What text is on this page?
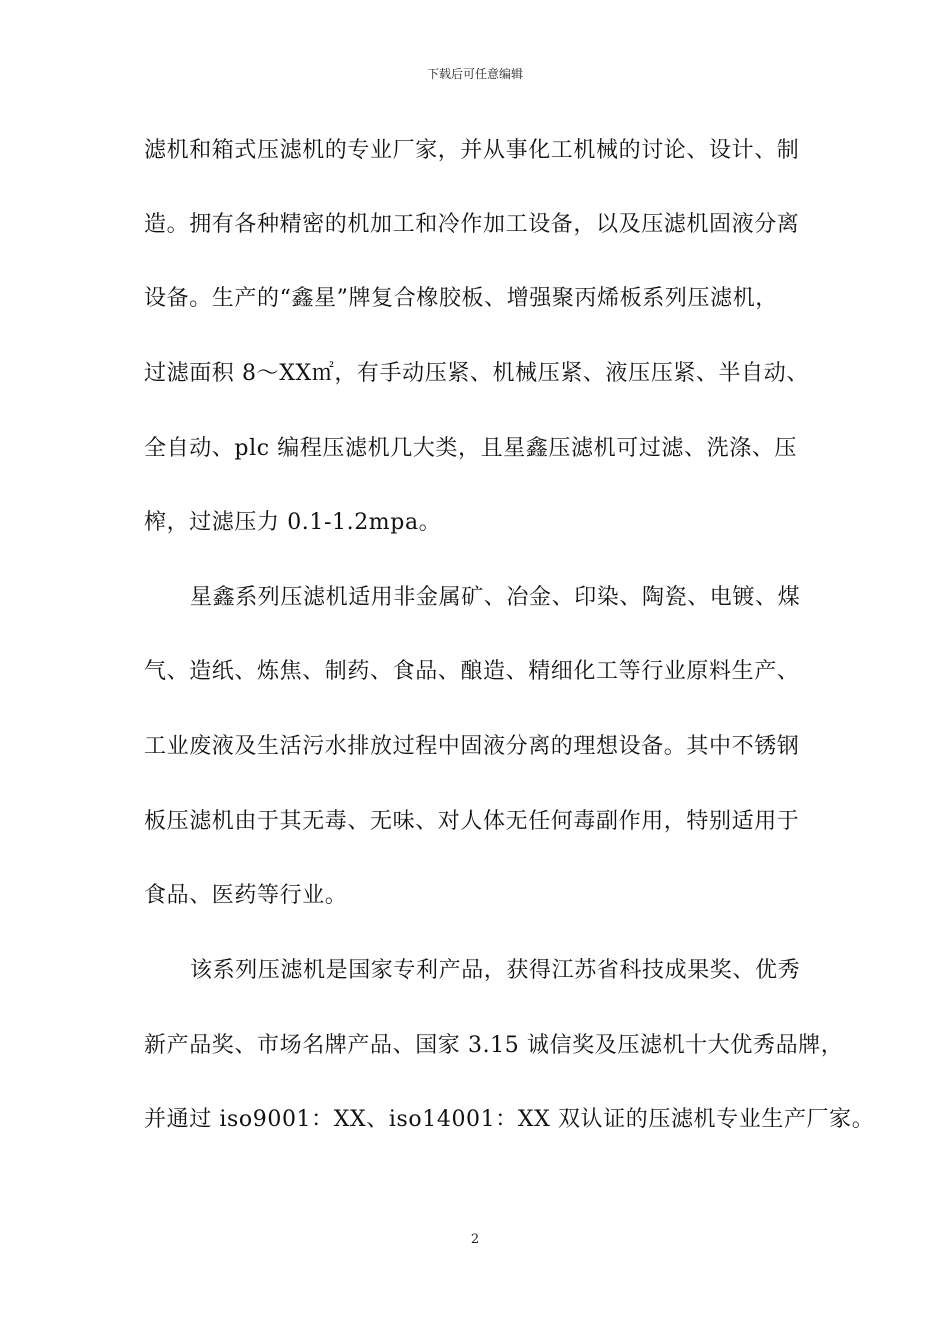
下载后可任意编辑
滤机和箱式压滤机的专业厂家，并从事化工机械的讨论、设计、制
造。拥有各种精密的机加工和冷作加工设备，以及压滤机固液分离
设备。生产的“鑫星”牌复合橡胶板、增强聚丙烯板系列压滤机，
过滤面积 8～XX㎡，有手动压紧、机械压紧、液压压紧、半自动、
全自动、plc 编程压滤机几大类，且星鑫压滤机可过滤、洗涤、压
榨，过滤压力 0.1-1.2mpa。
星鑫系列压滤机适用非金属矿、冶金、印染、陶瓷、电镀、煤
气、造纸、炼焦、制药、食品、酿造、精细化工等行业原料生产、
工业废液及生活污水排放过程中固液分离的理想设备。其中不锈钢
板压滤机由于其无毒、无味、对人体无任何毒副作用，特别适用于
食品、医药等行业。
该系列压滤机是国家专利产品，获得江苏省科技成果奖、优秀
新产品奖、市场名牌产品、国家 3.15 诚信奖及压滤机十大优秀品牌，
并通过 iso9001：XX、iso14001：XX 双认证的压滤机专业生产厂家。
2
